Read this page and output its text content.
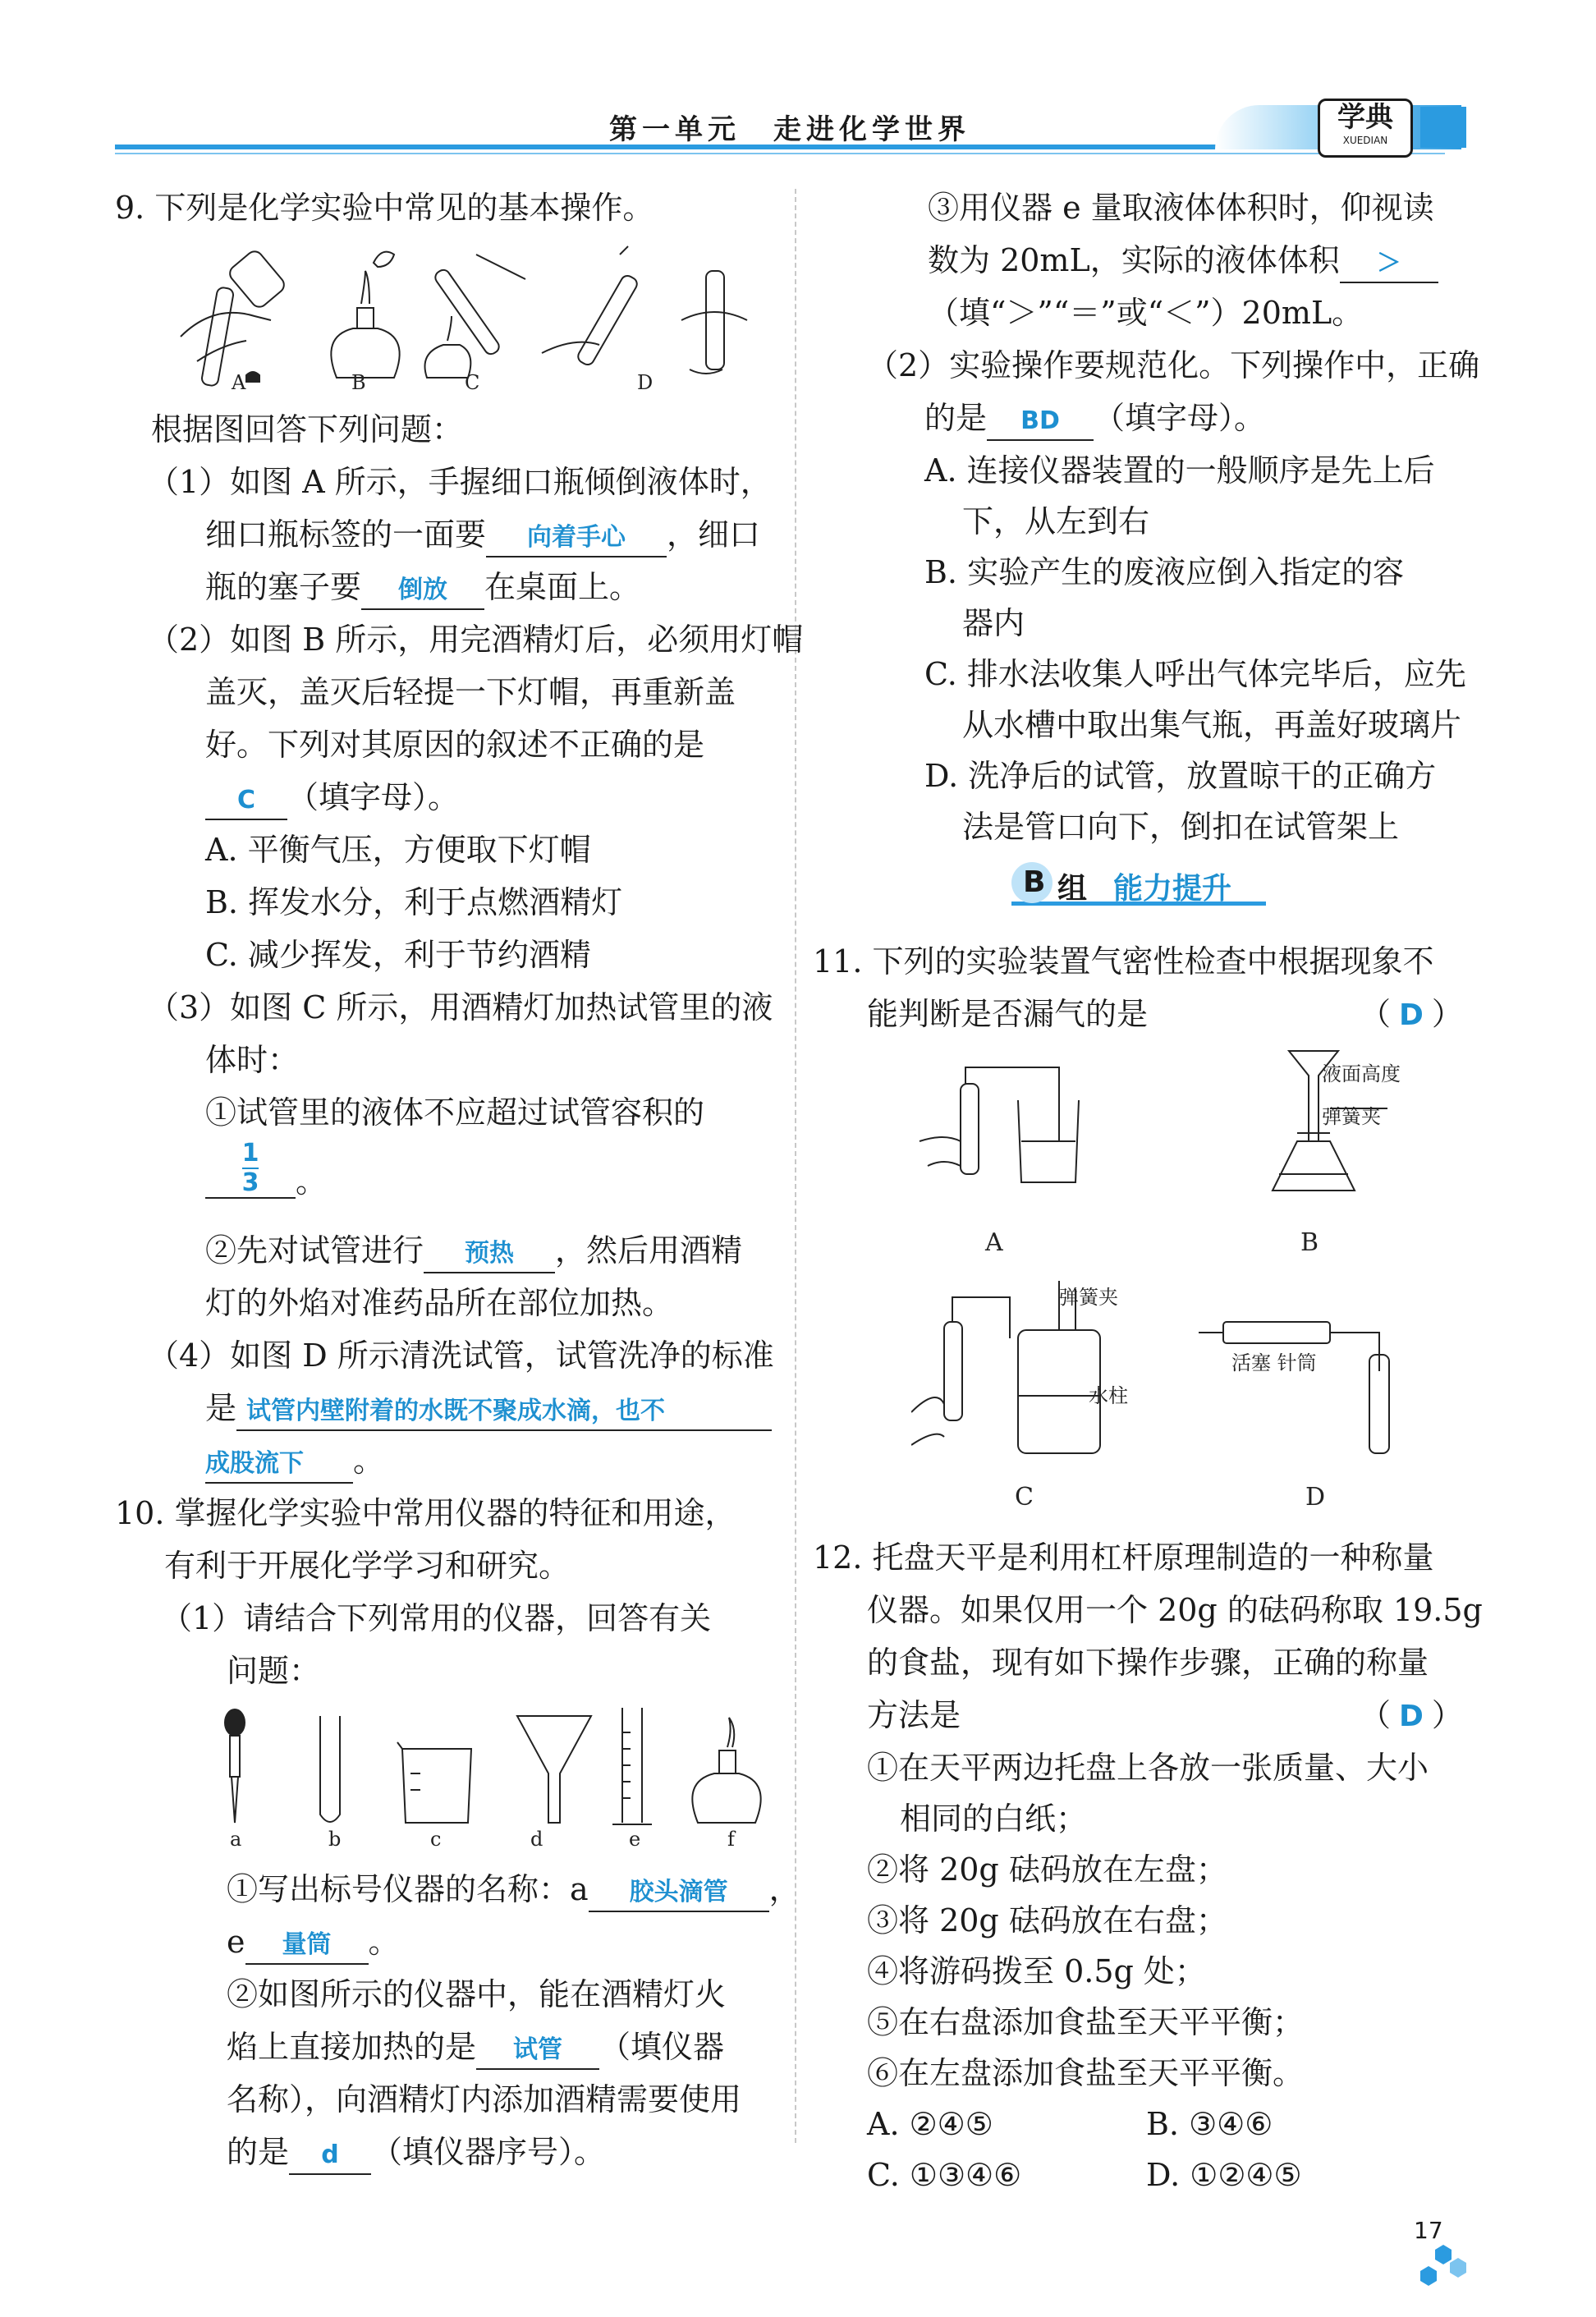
第一单元　走进化学世界	学典
XUEDIAN
9. 下列是化学实验中常见的基本操作。
A	B	C	D
根据图回答下列问题：
（1）如图 A 所示，手握细口瓶倾倒液体时，
细口瓶标签的一面要 向着手心 ，细口
瓶的塞子要 倒放 在桌面上。
（2）如图 B 所示，用完酒精灯后，必须用灯帽
盖灭，盖灭后轻提一下灯帽，再重新盖
好。下列对其原因的叙述不正确的是
C （填字母）。
A. 平衡气压，方便取下灯帽
B. 挥发水分，利于点燃酒精灯
C. 减少挥发，利于节约酒精
（3）如图 C 所示，用酒精灯加热试管里的液
体时：
①试管里的液体不应超过试管容积的
$\frac{1}{3}$ 。
②先对试管进行 预热 ，然后用酒精
灯的外焰对准药品所在部位加热。
（4）如图 D 所示清洗试管，试管洗净的标准
是 试管内壁附着的水既不聚成水滴，也不
成股流下 。
10. 掌握化学实验中常用仪器的特征和用途，
有利于开展化学学习和研究。
（1）请结合下列常用的仪器，回答有关
问题：
a	b	c	d	e	f
①写出标号仪器的名称：a 胶头滴管 ，
e 量筒 。
②如图所示的仪器中，能在酒精灯火
焰上直接加热的是 试管 （填仪器
名称），向酒精灯内添加酒精需要使用
的是 d （填仪器序号）。
③用仪器 e 量取液体体积时，仰视读
数为 20mL，实际的液体体积 ＞
（填“＞”“＝”或“＜”）20mL。
（2）实验操作要规范化。下列操作中，正确
的是 BD （填字母）。
A. 连接仪器装置的一般顺序是先上后
下，从左到右
B. 实验产生的废液应倒入指定的容
器内
C. 排水法收集人呼出气体完毕后，应先
从水槽中取出集气瓶，再盖好玻璃片
D. 洗净后的试管，放置晾干的正确方
法是管口向下，倒扣在试管架上
B 组 能力提升
11. 下列的实验装置气密性检查中根据现象不
能判断是否漏气的是	（ D ）
液面高度
弹簧夹
弹簧夹
水柱
活塞 针筒
A	B
C	D
12. 托盘天平是利用杠杆原理制造的一种称量
仪器。如果仅用一个 20g 的砝码称取 19.5g
的食盐，现有如下操作步骤，正确的称量
方法是	（ D ）
①在天平两边托盘上各放一张质量、大小
相同的白纸；
②将 20g 砝码放在左盘；
③将 20g 砝码放在右盘；
④将游码拨至 0.5g 处；
⑤在右盘添加食盐至天平平衡；
⑥在左盘添加食盐至天平平衡。
A. ②④⑤	B. ③④⑥
C. ①③④⑥	D. ①②④⑤
17
